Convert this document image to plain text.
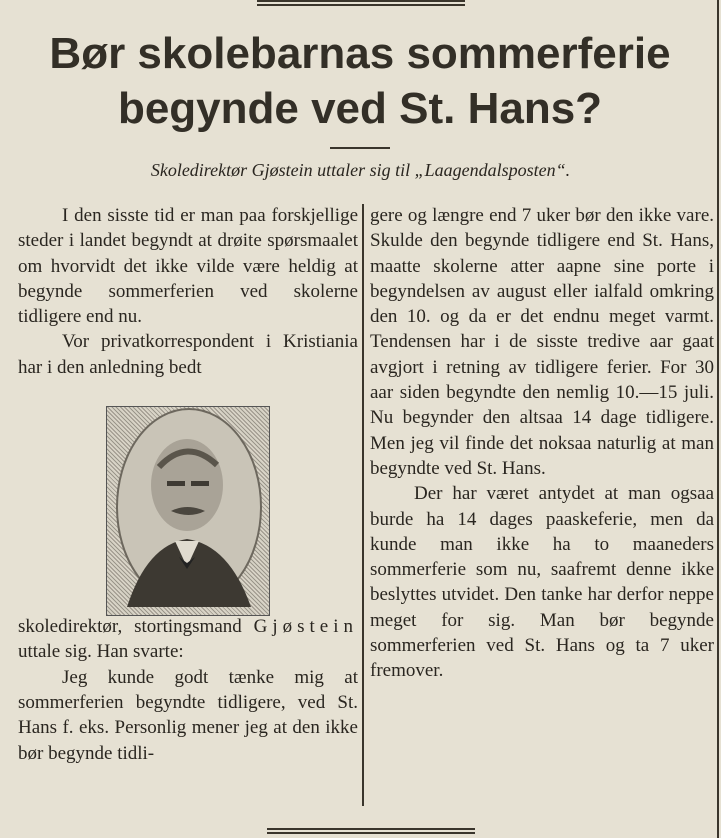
Bør skolebarnas sommerferie
begynde ved St. Hans?

Skoledirektør Gjøstein uttaler sig til „Laagendalsposten“.

I den sisste tid er man paa forskjellige steder i landet begyndt at drøite spørsmaalet om hvorvidt det ikke vilde være heldig at begynde sommerferien ved skolerne tidligere end nu.

Vor privatkorrespondent i Kristiania har i den anledning bedt

skoledirektør, stortingsmand Gjøstein uttale sig. Han svarte:

Jeg kunde godt tænke mig at sommerferien begyndte tidligere, ved St. Hans f. eks. Personlig mener jeg at den ikke bør begynde tidli-

gere og længre end 7 uker bør den ikke vare. Skulde den begynde tidligere end St. Hans, maatte skolerne atter aapne sine porte i begyndelsen av august eller ialfald omkring den 10. og da er det endnu meget varmt. Tendensen har i de sisste tredive aar gaat avgjort i retning av tidligere ferier. For 30 aar siden begyndte den nemlig 10.—15 juli. Nu begynder den altsaa 14 dage tidligere. Men jeg vil finde det noksaa naturlig at man begyndte ved St. Hans.

Der har været antydet at man ogsaa burde ha 14 dages paaskeferie, men da kunde man ikke ha to maaneders sommerferie som nu, saafremt denne ikke beslуttes utvidet. Den tanke har derfor neppe meget for sig. Man bør begynde sommerferien ved St. Hans og ta 7 uker fremover.
